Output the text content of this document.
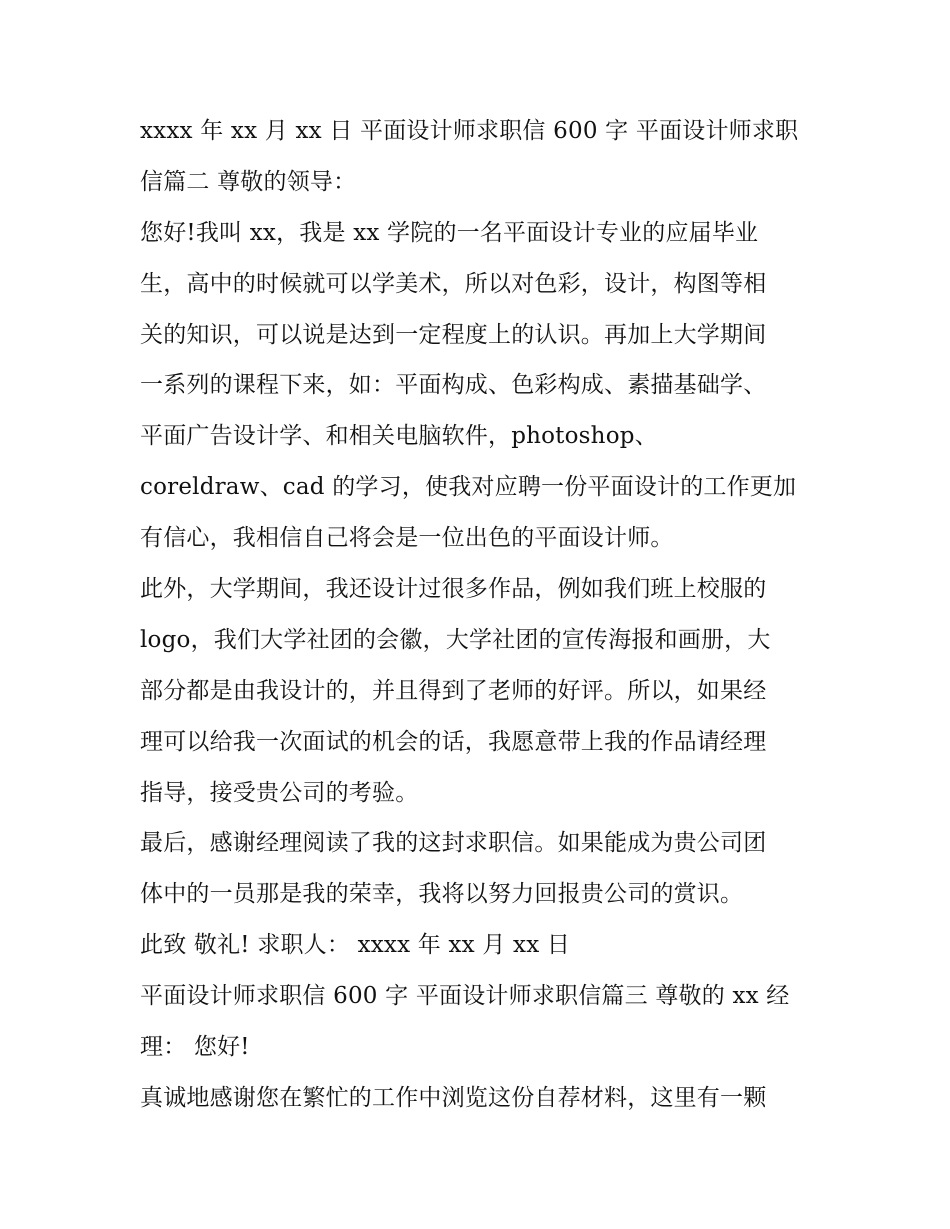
xxxx 年 xx 月 xx 日 平面设计师求职信 600 字 平面设计师求职
信篇二 尊敬的领导：
您好!我叫 xx，我是 xx 学院的一名平面设计专业的应届毕业
生，高中的时候就可以学美术，所以对色彩，设计，构图等相
关的知识，可以说是达到一定程度上的认识。再加上大学期间
一系列的课程下来，如：平面构成、色彩构成、素描基础学、
平面广告设计学、和相关电脑软件，photoshop、
coreldraw、cad 的学习，使我对应聘一份平面设计的工作更加
有信心，我相信自己将会是一位出色的平面设计师。
此外，大学期间，我还设计过很多作品，例如我们班上校服的
logo，我们大学社团的会徽，大学社团的宣传海报和画册，大
部分都是由我设计的，并且得到了老师的好评。所以，如果经
理可以给我一次面试的机会的话，我愿意带上我的作品请经理
指导，接受贵公司的考验。
最后，感谢经理阅读了我的这封求职信。如果能成为贵公司团
体中的一员那是我的荣幸，我将以努力回报贵公司的赏识。
此致 敬礼! 求职人： xxxx 年 xx 月 xx 日
平面设计师求职信 600 字 平面设计师求职信篇三 尊敬的 xx 经
理： 您好!
真诚地感谢您在繁忙的工作中浏览这份自荐材料，这里有一颗
